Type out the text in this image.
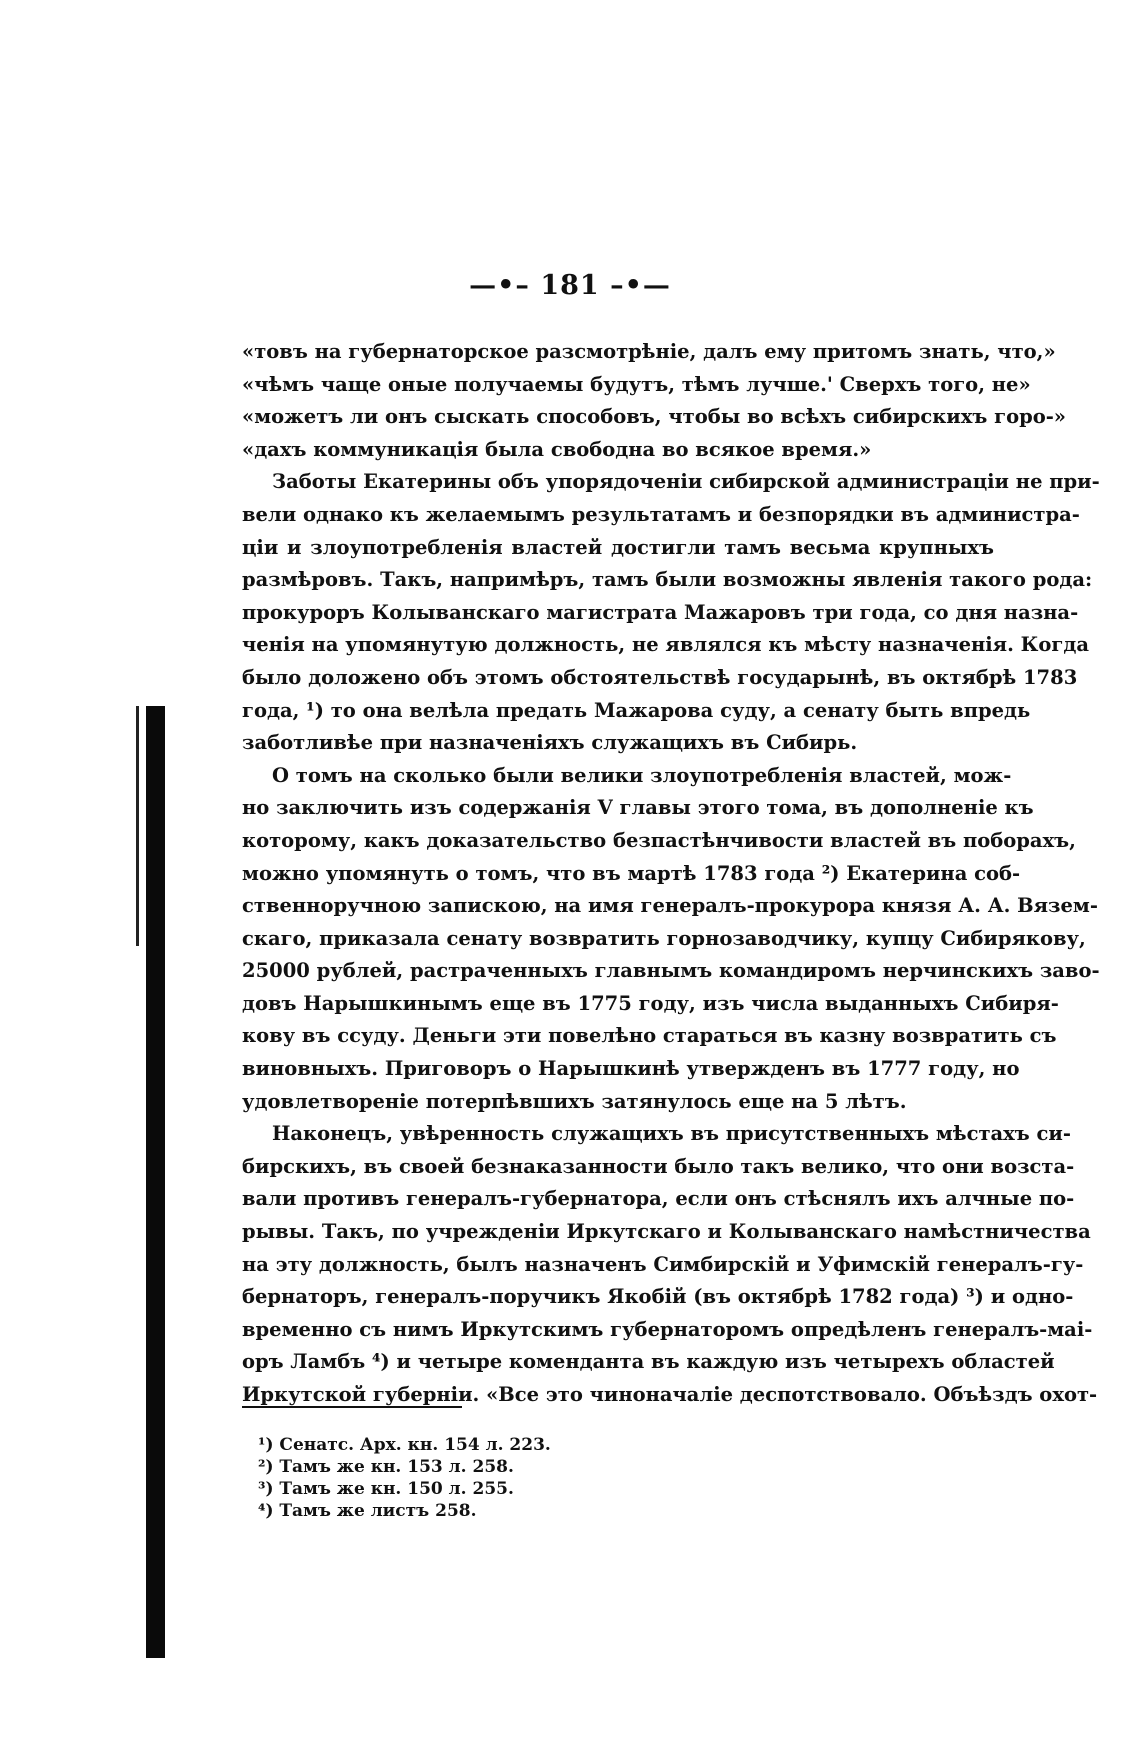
—•– 181 –•—
«товъ на губернаторское разсмотрѣніе, далъ ему притомъ знать, что,»
«чѣмъ чаще оные получаемы будутъ, тѣмъ лучше.' Сверхъ того, не»
«можетъ ли онъ сыскать способовъ, чтобы во всѣхъ сибирскихъ горо-»
«дахъ коммуникація была свободна во всякое время.»
Заботы Екатерины объ упорядоченіи сибирской администраціи не при-
вели однако къ желаемымъ результатамъ и безпорядки въ администра-
ціи и злоупотребленія властей достигли тамъ весьма крупныхъ
размѣровъ. Такъ, напримѣръ, тамъ были возможны явленія такого рода:
прокуроръ Колыванскаго магистрата Мажаровъ три года, со дня назна-
ченія на упомянутую должность, не являлся къ мѣсту назначенія. Когда
было доложено объ этомъ обстоятельствѣ государынѣ, въ октябрѣ 1783
года, ¹) то она велѣла предать Мажарова суду, а сенату быть впредь
заботливѣе при назначеніяхъ служащихъ въ Сибирь.
О томъ на сколько были велики злоупотребленія властей, мож-
но заключить изъ содержанія V главы этого тома, въ дополненіе къ
которому, какъ доказательство безпастѣнчивости властей въ поборахъ,
можно упомянуть о томъ, что въ мартѣ 1783 года ²) Екатерина соб-
ственноручною запискою, на имя генералъ-прокурора князя А. А. Вязем-
скаго, приказала сенату возвратить горнозаводчику, купцу Сибирякову,
25000 рублей, растраченныхъ главнымъ командиромъ нерчинскихъ заво-
довъ Нарышкинымъ еще въ 1775 году, изъ числа выданныхъ Сибиря-
кову въ ссуду. Деньги эти повелѣно стараться въ казну возвратить съ
виновныхъ. Приговоръ о Нарышкинѣ утвержденъ въ 1777 году, но
удовлетвореніе потерпѣвшихъ затянулось еще на 5 лѣтъ.
Наконецъ, увѣренность служащихъ въ присутственныхъ мѣстахъ си-
бирскихъ, въ своей безнаказанности было такъ велико, что они возста-
вали противъ генералъ-губернатора, если онъ стѣснялъ ихъ алчные по-
рывы. Такъ, по учрежденіи Иркутскаго и Колыванскаго намѣстничества
на эту должность, былъ назначенъ Симбирскій и Уфимскій генералъ-гу-
бернаторъ, генералъ-поручикъ Якобій (въ октябрѣ 1782 года) ³) и одно-
временно съ нимъ Иркутскимъ губернаторомъ опредѣленъ генералъ-маі-
оръ Ламбъ ⁴) и четыре коменданта въ каждую изъ четырехъ областей
Иркутской губерніи. «Все это чиноначаліе деспотствовало. Объѣздъ охот-
¹) Сенатс. Арх. кн. 154 л. 223.
²) Тамъ же кн. 153 л. 258.
³) Тамъ же кн. 150 л. 255.
⁴) Тамъ же листъ 258.
